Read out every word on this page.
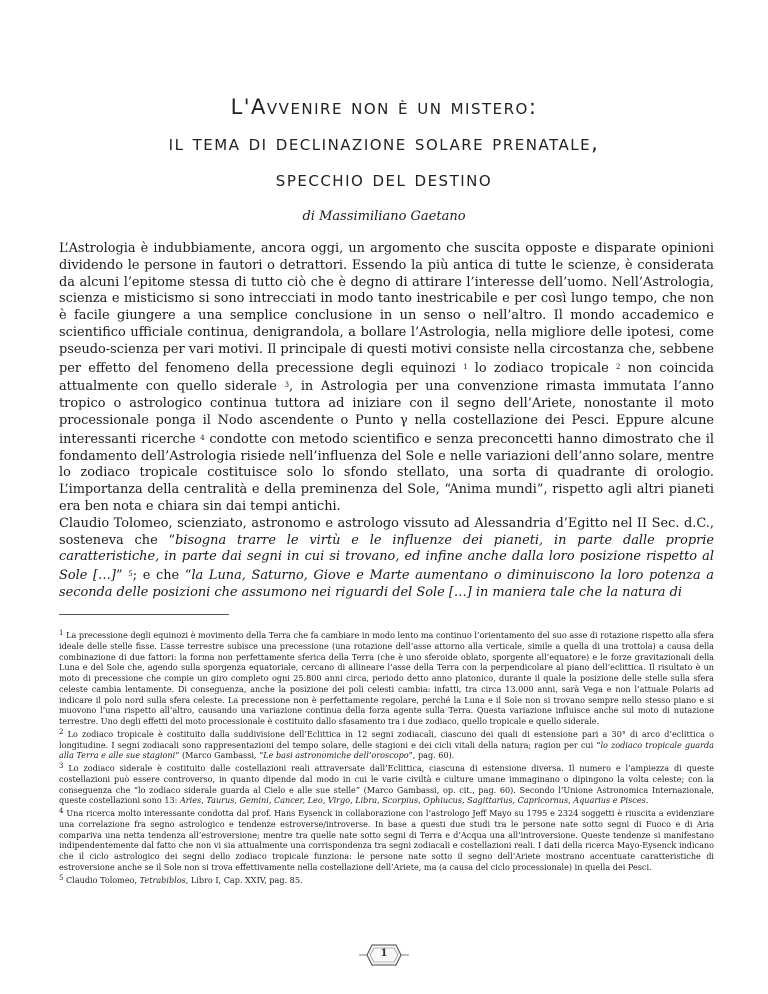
L'Avvenire non è un mistero:
il tema di declinazione solare prenatale,
specchio del destino
di Massimiliano Gaetano

L’Astrologia è indubbiamente, ancora oggi, un argomento che suscita opposte e disparate opinioni dividendo le persone in fautori o detrattori. Essendo la più antica di tutte le scienze, è considerata da alcuni l’epitome stessa di tutto ciò che è degno di attirare l’interesse dell’uomo. Nell’Astrologia, scienza e misticismo si sono intrecciati in modo tanto inestricabile e per così lungo tempo, che non è facile giungere a una semplice conclusione in un senso o nell’altro. Il mondo accademico e scientifico ufficiale continua, denigrandola, a bollare l’Astrologia, nella migliore delle ipotesi, come pseudo-scienza per vari motivi. Il principale di questi motivi consiste nella circostanza che, sebbene per effetto del fenomeno della precessione degli equinozi $^1$ lo zodiaco tropicale $^2$ non coincida attualmente con quello siderale $^3$, in Astrologia per una convenzione rimasta immutata l’anno tropico o astrologico continua tuttora ad iniziare con il segno dell’Ariete, nonostante il moto processionale ponga il Nodo ascendente o Punto γ nella costellazione dei Pesci. Eppure alcune interessanti ricerche $^4$ condotte con metodo scientifico e senza preconcetti hanno dimostrato che il fondamento dell’Astrologia risiede nell’influenza del Sole e nelle variazioni dell’anno solare, mentre lo zodiaco tropicale costituisce solo lo sfondo stellato, una sorta di quadrante di orologio. L’importanza della centralità e della preminenza del Sole, “Anima mundi”, rispetto agli altri pianeti era ben nota e chiara sin dai tempi antichi.

Claudio Tolomeo, scienziato, astronomo e astrologo vissuto ad Alessandria d’Egitto nel II Sec. d.C., sosteneva che “bisogna trarre le virtù e le influenze dei pianeti, in parte dalle proprie caratteristiche, in parte dai segni in cui si trovano, ed infine anche dalla loro posizione rispetto al Sole […]” $^5$; e che “la Luna, Saturno, Giove e Marte aumentano o diminuiscono la loro potenza a seconda delle posizioni che assumono nei riguardi del Sole […] in maniera tale che la natura di

$^1$ La precessione degli equinozi è movimento della Terra che fa cambiare in modo lento ma continuo l’orientamento del suo asse di rotazione rispetto alla sfera ideale delle stelle fisse. L’asse terrestre subisce una precessione (una rotazione dell’asse attorno alla verticale, simile a quella di una trottola) a causa della combinazione di due fattori: la forma non perfettamente sferica della Terra (che è uno sferoide oblato, sporgente all’equatore) e le forze gravitazionali della Luna e del Sole che, agendo sulla sporgenza equatoriale, cercano di allineare l’asse della Terra con la perpendicolare al piano dell’eclittica. Il risultato è un moto di precessione che compie un giro completo ogni 25.800 anni circa, periodo detto anno platonico, durante il quale la posizione delle stelle sulla sfera celeste cambia lentamente. Di conseguenza, anche la posizione dei poli celesti cambia: infatti, tra circa 13.000 anni, sarà Vega e non l’attuale Polaris ad indicare il polo nord sulla sfera celeste. La precessione non è perfettamente regolare, perché la Luna e il Sole non si trovano sempre nello stesso piano e si muovono l’una rispetto all’altro, causando una variazione continua della forza agente sulla Terra. Questa variazione influisce anche sul moto di nutazione terrestre. Uno degli effetti del moto processionale è costituito dallo sfasamento tra i due zodiaco, quello tropicale e quello siderale.

$^2$ Lo zodiaco tropicale è costituito dalla suddivisione dell’Eclittica in 12 segni zodiacali, ciascuno dei quali di estensione pari a 30° di arco d’eclittica o longitudine. I segni zodiacali sono rappresentazioni del tempo solare, delle stagioni e dei cicli vitali della natura; ragion per cui “lo zodiaco tropicale guarda alla Terra e alle sue stagioni” (Marco Gambassi, “Le basi astronomiche dell’oroscopo”, pag. 60).

$^3$ Lo zodiaco siderale è costituito dalle costellazioni reali attraversate dall’Eclittica, ciascuna di estensione diversa. Il numero e l’ampiezza di queste costellazioni può essere controverso, in quanto dipende dal modo in cui le varie civiltà e culture umane immaginano o dipingono la volta celeste; con la conseguenza che “lo zodiaco siderale guarda al Cielo e alle sue stelle” (Marco Gambassi, op. cit., pag. 60). Secondo l’Unione Astronomica Internazionale, queste costellazioni sono 13: Aries, Taurus, Gemini, Cancer, Leo, Virgo, Libra, Scorpius, Ophiucus, Sagittarius, Capricornus, Aquarius e Pisces.

$^4$ Una ricerca molto interessante condotta dal prof. Hans Eysenck in collaborazione con l’astrologo Jeff Mayo su 1795 e 2324 soggetti è riuscita a evidenziare una correlazione fra segno astrologico e tendenze estroverse/introverse. In base a questi due studi tra le persone nate sotto segni di Fuoco e di Aria compariva una netta tendenza all’estroversione; mentre tra quelle nate sotto segni di Terra e d’Acqua una all’introversione. Queste tendenze si manifestano indipendentemente dal fatto che non vi sia attualmente una corrispondenza tra segni zodiacali e costellazioni reali. I dati della ricerca Mayo-Eysenck indicano che il ciclo astrologico dei segni dello zodiaco tropicale funziona: le persone nate sotto il segno dell’Ariete mostrano accentuate caratteristiche di estroversione anche se il Sole non si trova effettivamente nella costellazione dell’Ariete, ma (a causa del ciclo processionale) in quella dei Pesci.

$^5$ Claudio Tolomeo, Tetrabiblos, Libro I, Cap. XXIV, pag. 85.

1
